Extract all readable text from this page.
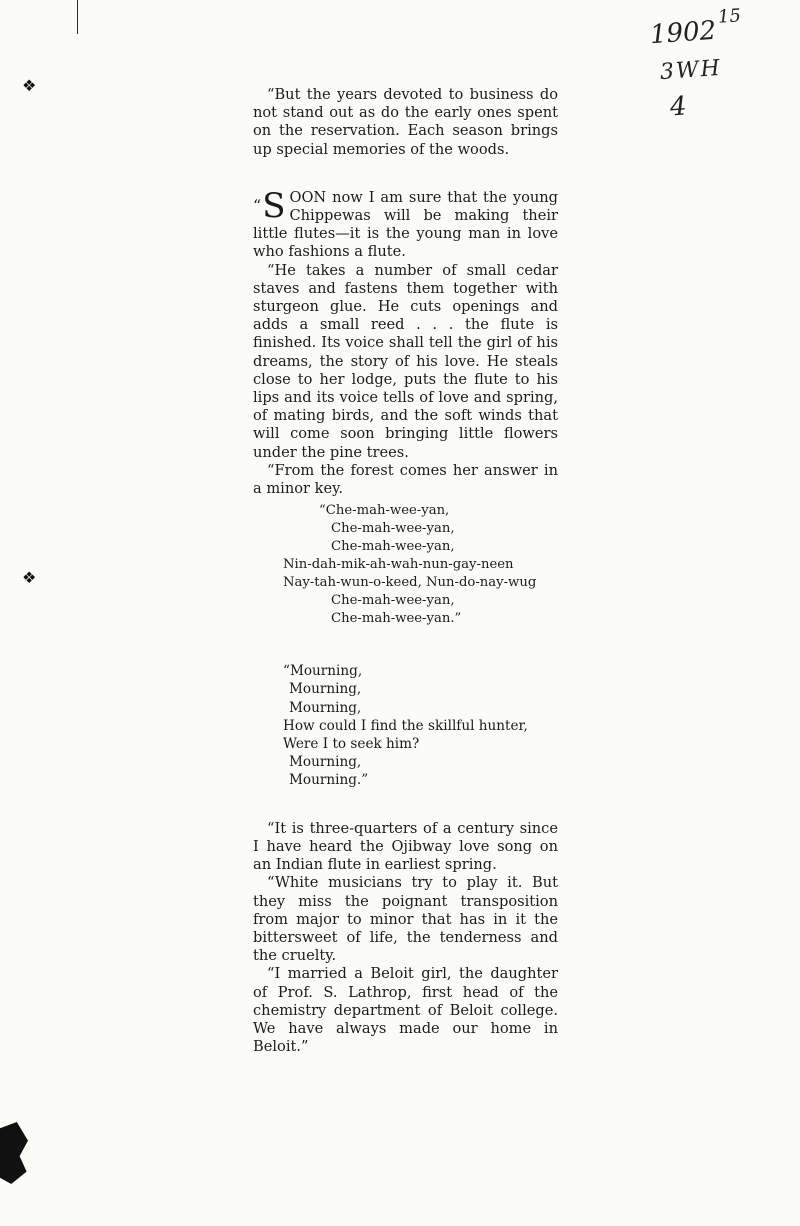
1902 15
3WH
4
❖
❖

“But the years devoted to business do not stand out as do the early ones spent on the reservation. Each season brings up special memories of the woods.

“S OON now I am sure that the young Chippewas will be making their little flutes—it is the young man in love who fashions a flute.

“He takes a number of small cedar staves and fastens them together with sturgeon glue. He cuts openings and adds a small reed . . . the flute is finished. Its voice shall tell the girl of his dreams, the story of his love. He steals close to her lodge, puts the flute to his lips and its voice tells of love and spring, of mating birds, and the soft winds that will come soon bringing little flowers under the pine trees.

“From the forest comes her answer in a minor key.

“Che-mah-wee-yan,
Che-mah-wee-yan,
Che-mah-wee-yan,
Nin-dah-mik-ah-wah-nun-gay-neen
Nay-tah-wun-o-keed, Nun-do-nay-wug
Che-mah-wee-yan,
Che-mah-wee-yan.”
“Mourning,
Mourning,
Mourning,
How could I find the skillful hunter,
Were I to seek him?
Mourning,
Mourning.”

“It is three-quarters of a century since I have heard the Ojibway love song on an Indian flute in earliest spring.

“White musicians try to play it. But they miss the poignant transposition from major to minor that has in it the bittersweet of life, the tenderness and the cruelty.

“I married a Beloit girl, the daughter of Prof. S. Lathrop, first head of the chemistry department of Beloit college. We have always made our home in Beloit.”
